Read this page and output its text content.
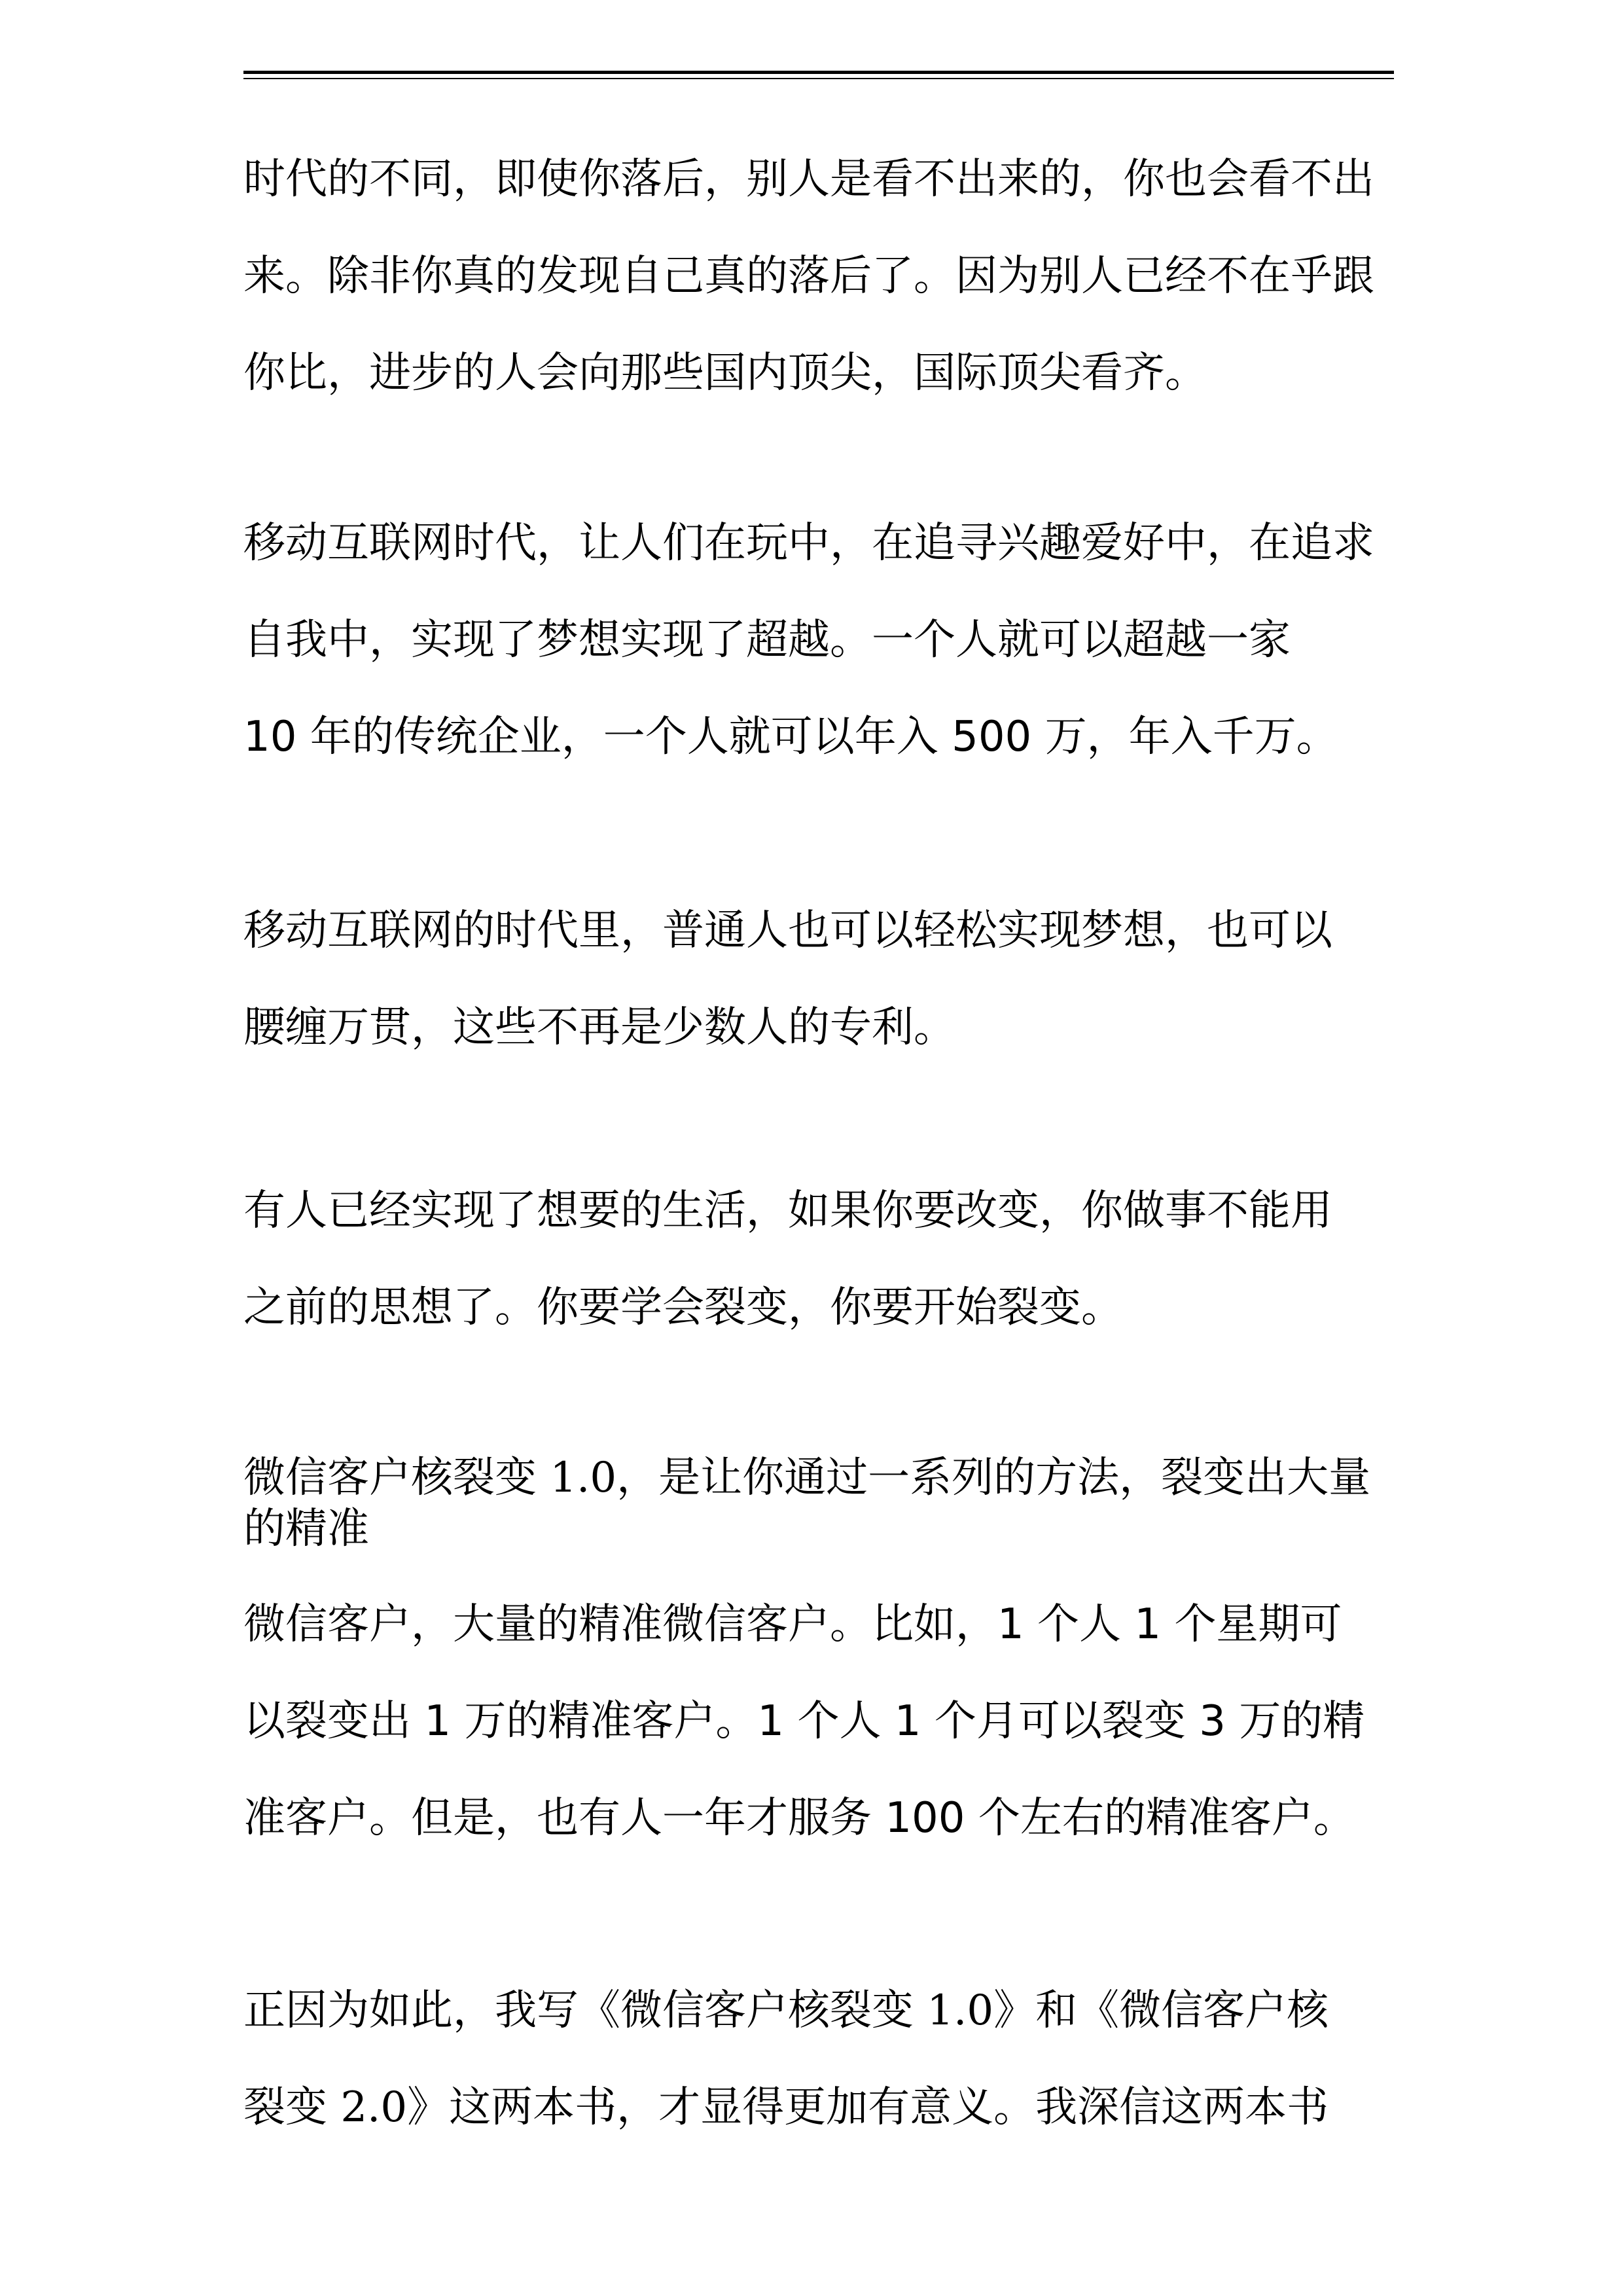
时代的不同，即使你落后，别人是看不出来的，你也会看不出
来。除非你真的发现自己真的落后了。因为别人已经不在乎跟
你比，进步的人会向那些国内顶尖，国际顶尖看齐。
移动互联网时代，让人们在玩中，在追寻兴趣爱好中，在追求
自我中，实现了梦想实现了超越。一个人就可以超越一家
10 年的传统企业，一个人就可以年入 500 万，年入千万。
移动互联网的时代里，普通人也可以轻松实现梦想，也可以
腰缠万贯，这些不再是少数人的专利。
有人已经实现了想要的生活，如果你要改变，你做事不能用
之前的思想了。你要学会裂变，你要开始裂变。
微信客户核裂变 1.0，是让你通过一系列的方法，裂变出大量
的精准
微信客户，大量的精准微信客户。比如，1 个人 1 个星期可
以裂变出 1 万的精准客户。1 个人 1 个月可以裂变 3 万的精
准客户。但是，也有人一年才服务 100 个左右的精准客户。
正因为如此，我写《微信客户核裂变 1.0》和《微信客户核
裂变 2.0》这两本书，才显得更加有意义。我深信这两本书
